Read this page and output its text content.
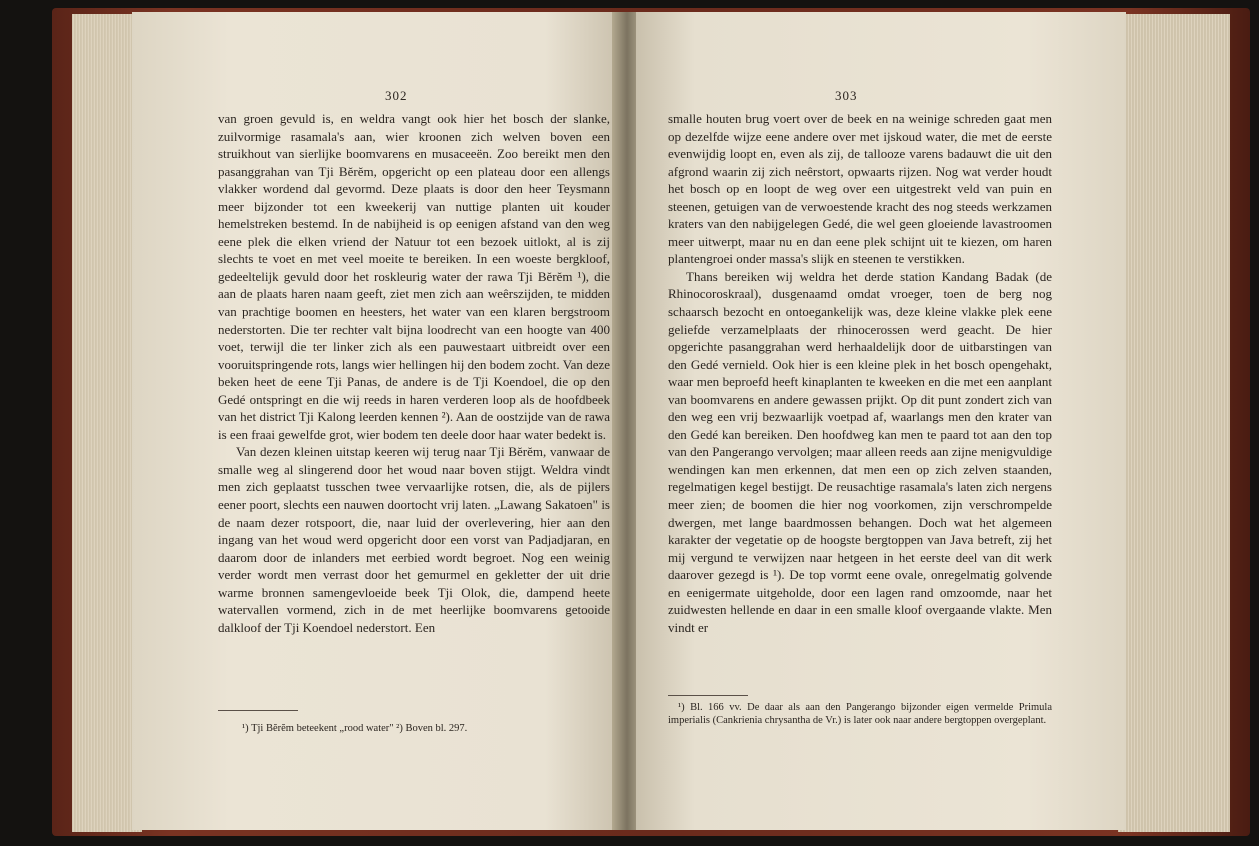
302

van groen gevuld is, en weldra vangt ook hier het bosch der slanke, zuilvormige rasamala's aan, wier kroonen zich welven boven een struikhout van sierlijke boomvarens en musaceeën. Zoo bereikt men den pasanggrahan van Tji Bĕrĕm, opgericht op een plateau door een allengs vlakker wordend dal gevormd. Deze plaats is door den heer Teysmann meer bijzonder tot een kweekerij van nuttige planten uit kouder hemelstreken bestemd. In de nabijheid is op eenigen afstand van den weg eene plek die elken vriend der Natuur tot een bezoek uitlokt, al is zij slechts te voet en met veel moeite te bereiken. In een woeste bergkloof, gedeeltelijk gevuld door het roskleurig water der rawa Tji Bĕrĕm ¹), die aan de plaats haren naam geeft, ziet men zich aan weêrszijden, te midden van prachtige boomen en heesters, het water van een klaren bergstroom nederstorten. Die ter rechter valt bijna loodrecht van een hoogte van 400 voet, terwijl die ter linker zich als een pauwestaart uitbreidt over een vooruitspringende rots, langs wier hellingen hij den bodem zocht. Van deze beken heet de eene Tji Panas, de andere is de Tji Koendoel, die op den Gedé ontspringt en die wij reeds in haren verderen loop als de hoofdbeek van het district Tji Kalong leerden kennen ²). Aan de oostzijde van de rawa is een fraai gewelfde grot, wier bodem ten deele door haar water bedekt is.

Van dezen kleinen uitstap keeren wij terug naar Tji Bĕrĕm, vanwaar de smalle weg al slingerend door het woud naar boven stijgt. Weldra vindt men zich geplaatst tusschen twee vervaarlijke rotsen, die, als de pijlers eener poort, slechts een nauwen doortocht vrij laten. „Lawang Sakatoen" is de naam dezer rotspoort, die, naar luid der overlevering, hier aan den ingang van het woud werd opgericht door een vorst van Padjadjaran, en daarom door de inlanders met eerbied wordt begroet. Nog een weinig verder wordt men verrast door het gemurmel en gekletter der uit drie warme bronnen samengevloeide beek Tji Olok, die, dampend heete watervallen vormend, zich in de met heerlijke boomvarens getooide dalkloof der Tji Koendoel nederstort. Een

¹) Tji Bĕrĕm beteekent „rood water" ²) Boven bl. 297.

303

smalle houten brug voert over de beek en na weinige schreden gaat men op dezelfde wijze eene andere over met ijskoud water, die met de eerste evenwijdig loopt en, even als zij, de tallooze varens badauwt die uit den afgrond waarin zij zich neêrstort, opwaarts rijzen. Nog wat verder houdt het bosch op en loopt de weg over een uitgestrekt veld van puin en steenen, getuigen van de verwoestende kracht des nog steeds werkzamen kraters van den nabijgelegen Gedé, die wel geen gloeiende lavastroomen meer uitwerpt, maar nu en dan eene plek schijnt uit te kiezen, om haren plantengroei onder massa's slijk en steenen te verstikken.

Thans bereiken wij weldra het derde station Kandang Badak (de Rhinocoroskraal), dusgenaamd omdat vroeger, toen de berg nog schaarsch bezocht en ontoegankelijk was, deze kleine vlakke plek eene geliefde verzamelplaats der rhinocerossen werd geacht. De hier opgerichte pasanggrahan werd herhaaldelijk door de uitbarstingen van den Gedé vernield. Ook hier is een kleine plek in het bosch opengehakt, waar men beproefd heeft kinaplanten te kweeken en die met een aanplant van boomvarens en andere gewassen prijkt. Op dit punt zondert zich van den weg een vrij bezwaarlijk voetpad af, waarlangs men den krater van den Gedé kan bereiken. Den hoofdweg kan men te paard tot aan den top van den Pangerango vervolgen; maar alleen reeds aan zijne menigvuldige wendingen kan men erkennen, dat men een op zich zelven staanden, regelmatigen kegel bestijgt. De reusachtige rasamala's laten zich nergens meer zien; de boomen die hier nog voorkomen, zijn verschrompelde dwergen, met lange baardmossen behangen. Doch wat het algemeen karakter der vegetatie op de hoogste bergtoppen van Java betreft, zij het mij vergund te verwijzen naar hetgeen in het eerste deel van dit werk daarover gezegd is ¹). De top vormt eene ovale, onregelmatig golvende en eenigermate uitgeholde, door een lagen rand omzoomde, naar het zuidwesten hellende en daar in een smalle kloof overgaande vlakte. Men vindt er

¹) Bl. 166 vv. De daar als aan den Pangerango bijzonder eigen vermelde Primula imperialis (Cankrienia chrysantha de Vr.) is later ook naar andere bergtoppen overgeplant.
